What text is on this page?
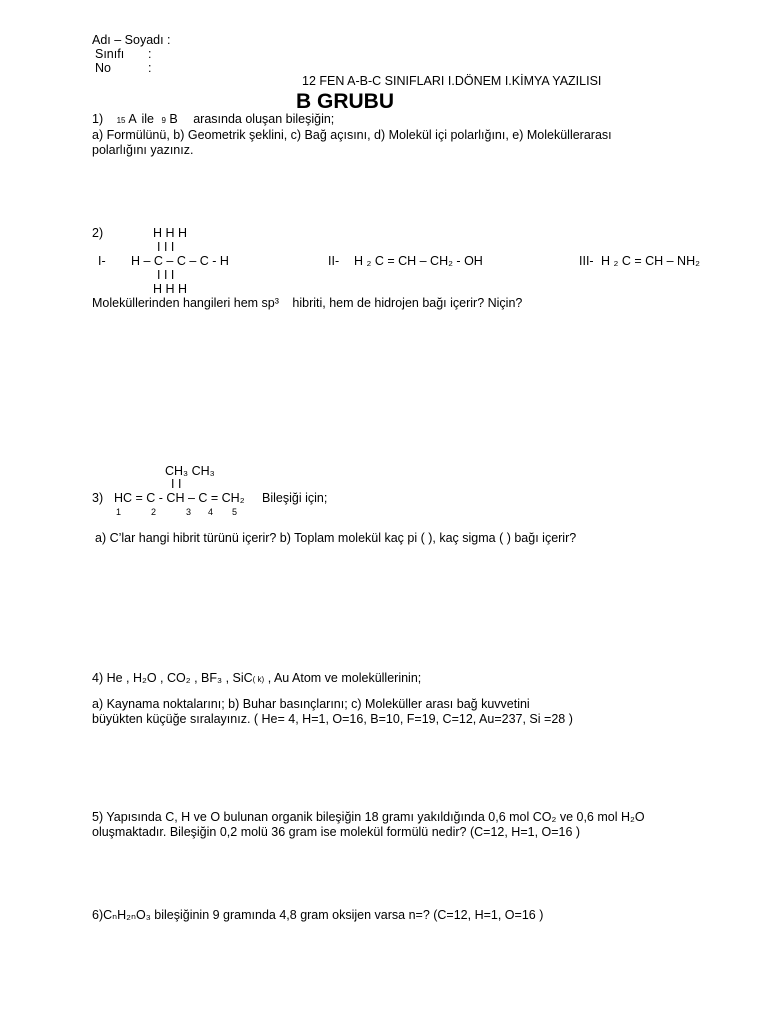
Adı – Soyadı :
Sınıfı :
No	:
12 FEN A-B-C SINIFLARI I.DÖNEM I.KİMYA YAZILISI
B GRUBU
1) 15 A ile 9 B arasında oluşan bileşiğin;
a) Formülünü, b) Geometrik şeklini, c) Bağ açısını, d) Molekül içi polarlığını, e) Moleküllerarası
polarlığını yazınız.
2)	H H H
I I I
I- H – C – C – C - H
I I I
H H H
II- H ₂ C = CH – CH₂ - OH	III- H ₂ C = CH – NH₂
Moleküllerinden hangileri hem sp³ hibriti, hem de hidrojen bağı içerir? Niçin?
CH₃ CH₃
I I
3) HC = C - CH – C = CH₂ Bileşiği için;
1	2	3 4 5
a) C’lar hangi hibrit türünü içerir? b) Toplam molekül kaç pi ( ), kaç sigma ( ) bağı içerir?
4) He , H₂O , CO₂ , BF₃ , SiC( k) , Au Atom ve moleküllerinin;
a) Kaynama noktalarını; b) Buhar basınçlarını; c) Moleküller arası bağ kuvvetini
büyükten küçüğe sıralayınız. ( He= 4, H=1, O=16, B=10, F=19, C=12, Au=237, Si =28 )
5) Yapısında C, H ve O bulunan organik bileşiğin 18 gramı yakıldığında 0,6 mol CO₂ ve 0,6 mol H₂O
oluşmaktadır. Bileşiğin 0,2 molü 36 gram ise molekül formülü nedir? (C=12, H=1, O=16 )
6)CₙH₂ₙO₃ bileşiğinin 9 gramında 4,8 gram oksijen varsa n=? (C=12, H=1, O=16 )
